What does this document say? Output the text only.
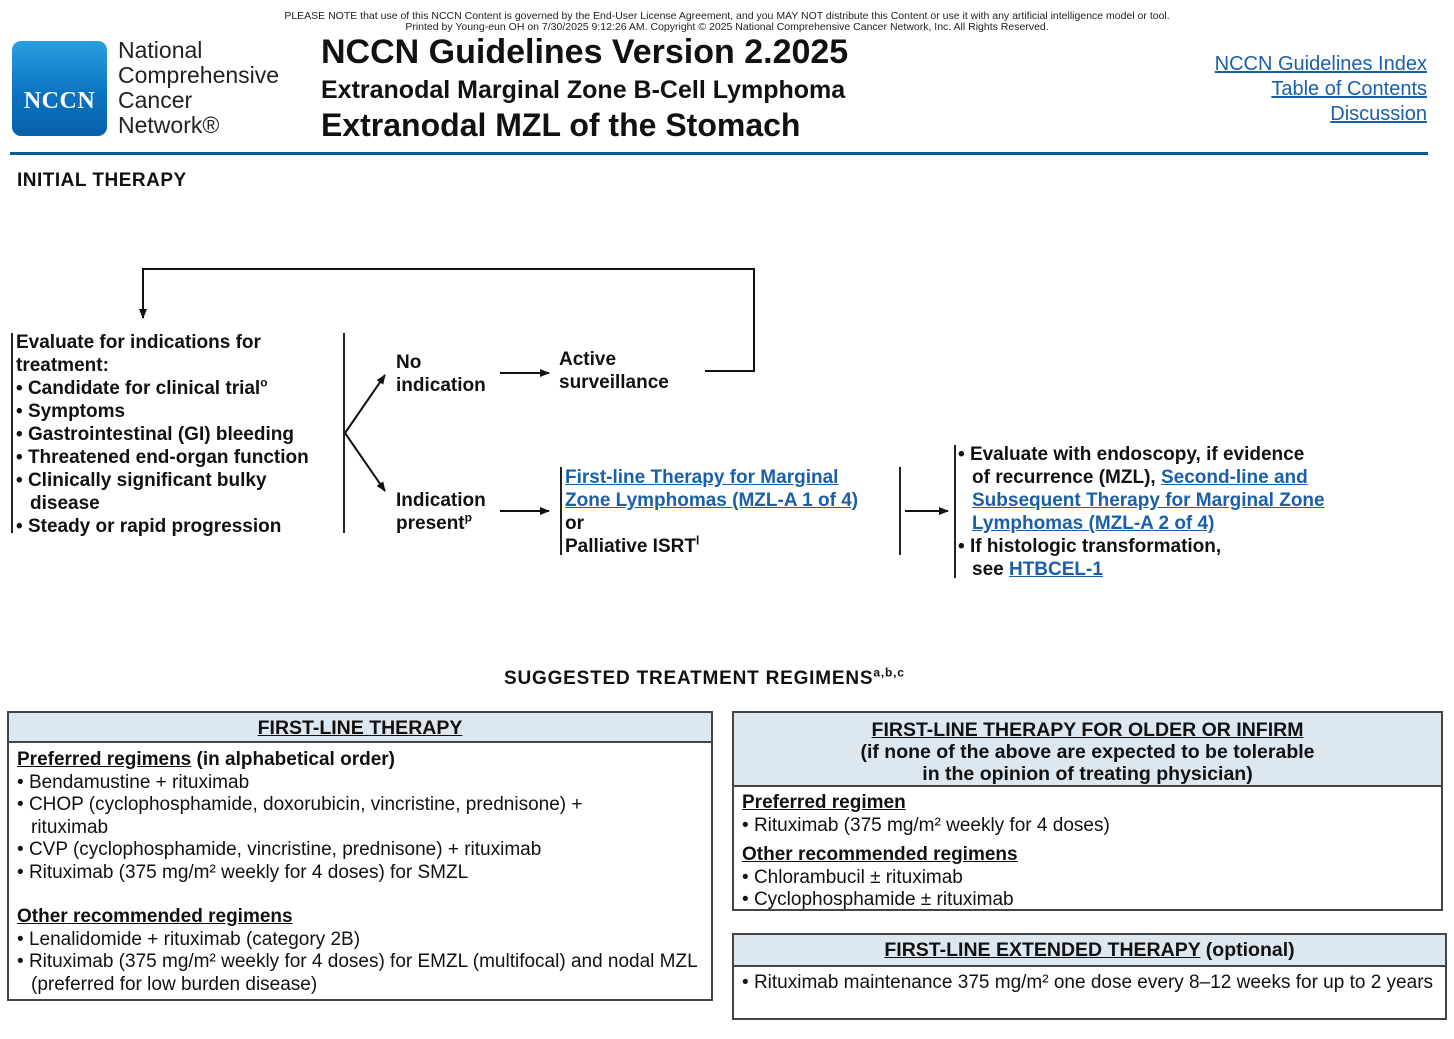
PLEASE NOTE that use of this NCCN Content is governed by the End-User License Agreement, and you MAY NOT distribute this Content or use it with any artificial intelligence model or tool.
Printed by Young-eun OH on 7/30/2025 9:12:26 AM. Copyright © 2025 National Comprehensive Cancer Network, Inc. All Rights Reserved.
NCCN
National
Comprehensive
Cancer
Network®
NCCN Guidelines Version 2.2025
Extranodal Marginal Zone B-Cell Lymphoma
Extranodal MZL of the Stomach
NCCN Guidelines Index
Table of Contents
Discussion
INITIAL THERAPY
Evaluate for indications for
treatment:
• Candidate for clinical trial$^o$
• Symptoms
• Gastrointestinal (GI) bleeding
• Threatened end-organ function
• Clinically significant bulky disease
• Steady or rapid progression
No
indication
Active
surveillance
Indication
present$^p$
First-line Therapy for Marginal
Zone Lymphomas (MZL-A 1 of 4)
or
Palliative ISRT$^l$
• Evaluate with endoscopy, if evidence
of recurrence (MZL), Second-line and
Subsequent Therapy for Marginal Zone
Lymphomas (MZL-A 2 of 4)
• If histologic transformation,
see HTBCEL-1
SUGGESTED TREATMENT REGIMENS$^{a,b,c}$
FIRST-LINE THERAPY
Preferred regimens (in alphabetical order)
• Bendamustine + rituximab
• CHOP (cyclophosphamide, doxorubicin, vincristine, prednisone) + rituximab
• CVP (cyclophosphamide, vincristine, prednisone) + rituximab
• Rituximab (375 mg/m² weekly for 4 doses) for SMZL
Other recommended regimens
• Lenalidomide + rituximab (category 2B)
• Rituximab (375 mg/m² weekly for 4 doses) for EMZL (multifocal) and nodal MZL (preferred for low burden disease)
FIRST-LINE THERAPY FOR OLDER OR INFIRM
(if none of the above are expected to be tolerable
in the opinion of treating physician)
Preferred regimen
• Rituximab (375 mg/m² weekly for 4 doses)
Other recommended regimens
• Chlorambucil ± rituximab
• Cyclophosphamide ± rituximab
FIRST-LINE EXTENDED THERAPY (optional)
• Rituximab maintenance 375 mg/m² one dose every 8–12 weeks for up to 2 years
